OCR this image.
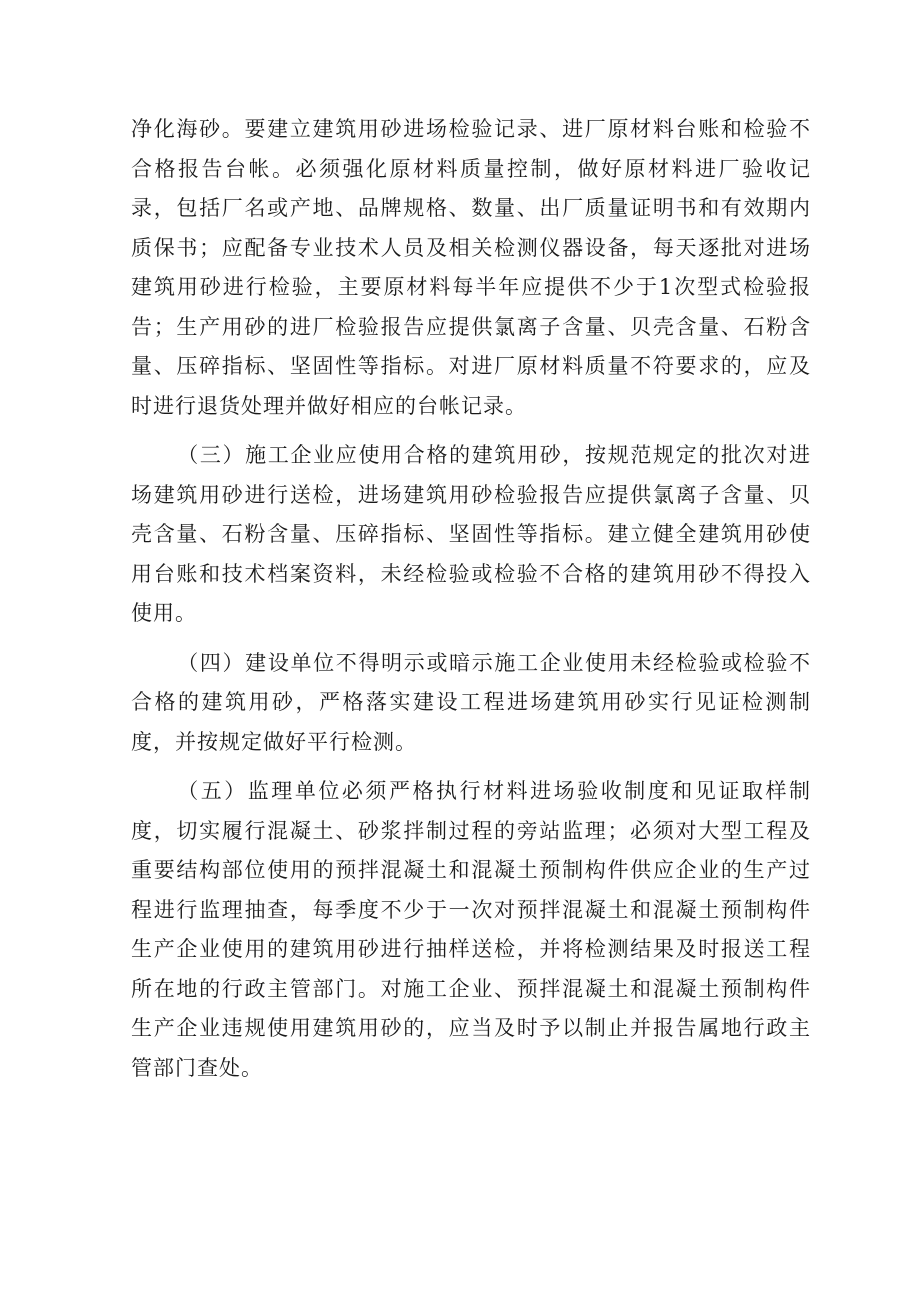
净化海砂。要建立建筑用砂进场检验记录、进厂原材料台账和检验不合格报告台帐。必须强化原材料质量控制，做好原材料进厂验收记录，包括厂名或产地、品牌规格、数量、出厂质量证明书和有效期内质保书；应配备专业技术人员及相关检测仪器设备，每天逐批对进场建筑用砂进行检验，主要原材料每半年应提供不少于1次型式检验报告；生产用砂的进厂检验报告应提供氯离子含量、贝壳含量、石粉含量、压碎指标、坚固性等指标。对进厂原材料质量不符要求的，应及时进行退货处理并做好相应的台帐记录。

（三）施工企业应使用合格的建筑用砂，按规范规定的批次对进场建筑用砂进行送检，进场建筑用砂检验报告应提供氯离子含量、贝壳含量、石粉含量、压碎指标、坚固性等指标。建立健全建筑用砂使用台账和技术档案资料，未经检验或检验不合格的建筑用砂不得投入使用。

（四）建设单位不得明示或暗示施工企业使用未经检验或检验不合格的建筑用砂，严格落实建设工程进场建筑用砂实行见证检测制度，并按规定做好平行检测。

（五）监理单位必须严格执行材料进场验收制度和见证取样制度，切实履行混凝土、砂浆拌制过程的旁站监理；必须对大型工程及重要结构部位使用的预拌混凝土和混凝土预制构件供应企业的生产过程进行监理抽查，每季度不少于一次对预拌混凝土和混凝土预制构件生产企业使用的建筑用砂进行抽样送检，并将检测结果及时报送工程所在地的行政主管部门。对施工企业、预拌混凝土和混凝土预制构件生产企业违规使用建筑用砂的，应当及时予以制止并报告属地行政主管部门查处。
